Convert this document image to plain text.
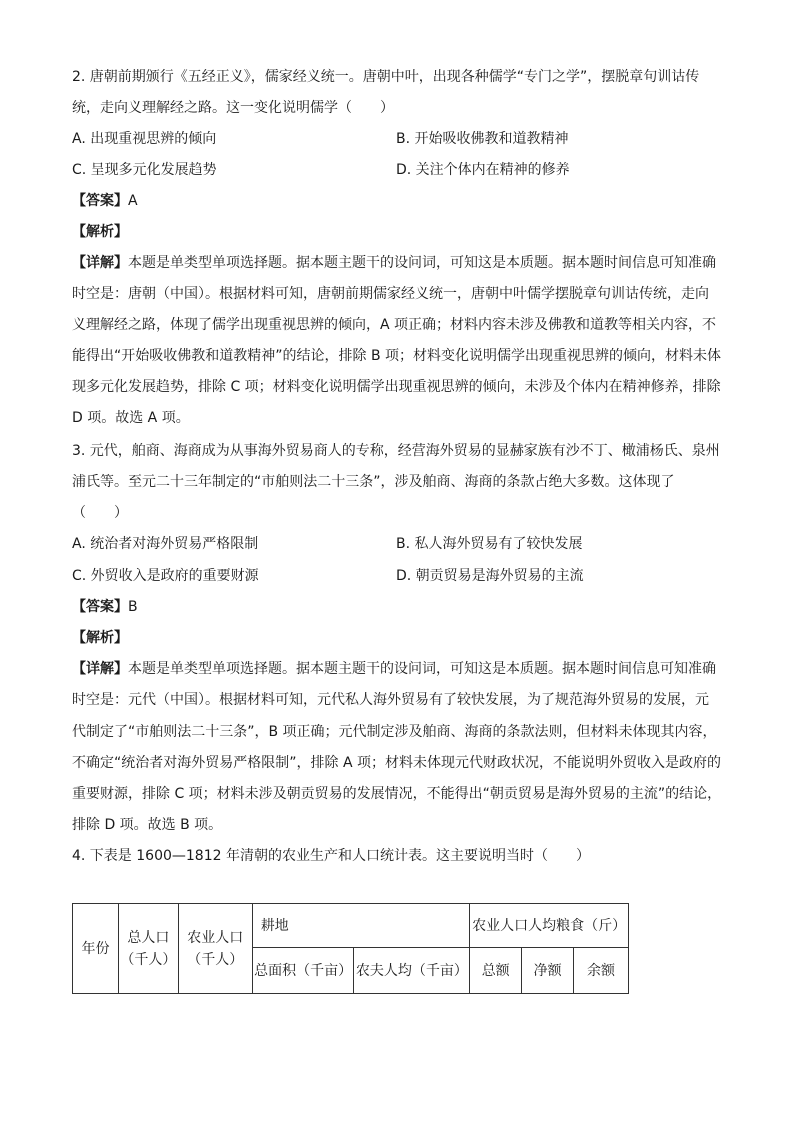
2. 唐朝前期颁行《五经正义》，儒家经义统一。唐朝中叶，出现各种儒学“专门之学”，摆脱章句训诂传
统，走向义理解经之路。这一变化说明儒学（　　）
A. 出现重视思辨的倾向	B. 开始吸收佛教和道教精神
C. 呈现多元化发展趋势	D. 关注个体内在精神的修养
【答案】A
【解析】
【详解】本题是单类型单项选择题。据本题主题干的设问词，可知这是本质题。据本题时间信息可知准确
时空是：唐朝（中国）。根据材料可知，唐朝前期儒家经义统一，唐朝中叶儒学摆脱章句训诂传统，走向
义理解经之路，体现了儒学出现重视思辨的倾向，A 项正确；材料内容未涉及佛教和道教等相关内容，不
能得出“开始吸收佛教和道教精神”的结论，排除 B 项；材料变化说明儒学出现重视思辨的倾向，材料未体
现多元化发展趋势，排除 C 项；材料变化说明儒学出现重视思辨的倾向，未涉及个体内在精神修养，排除
D 项。故选 A 项。
3. 元代，舶商、海商成为从事海外贸易商人的专称，经营海外贸易的显赫家族有沙不丁、橄浦杨氏、泉州
浦氏等。至元二十三年制定的“市舶则法二十三条”，涉及舶商、海商的条款占绝大多数。这体现了
（　　）
A. 统治者对海外贸易严格限制	B. 私人海外贸易有了较快发展
C. 外贸收入是政府的重要财源	D. 朝贡贸易是海外贸易的主流
【答案】B
【解析】
【详解】本题是单类型单项选择题。据本题主题干的设问词，可知这是本质题。据本题时间信息可知准确
时空是：元代（中国）。根据材料可知，元代私人海外贸易有了较快发展，为了规范海外贸易的发展，元
代制定了“市舶则法二十三条”，B 项正确；元代制定涉及舶商、海商的条款法则，但材料未体现其内容，
不确定“统治者对海外贸易严格限制”，排除 A 项；材料未体现元代财政状况，不能说明外贸收入是政府的
重要财源，排除 C 项；材料未涉及朝贡贸易的发展情况，不能得出“朝贡贸易是海外贸易的主流”的结论，
排除 D 项。故选 B 项。
4. 下表是 1600—1812 年清朝的农业生产和人口统计表。这主要说明当时（　　）
年份	总人口
（千人）	农业人口
（千人）	耕地		农业人口人均粮食（斤）		
			总面积（千亩）	农夫人均（千亩）	总额	净额	余额
